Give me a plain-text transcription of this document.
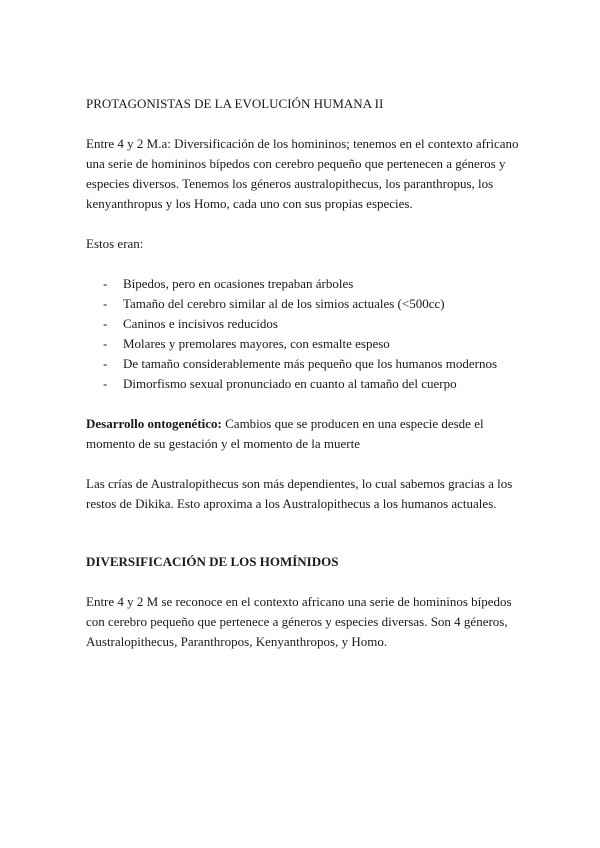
PROTAGONISTAS DE LA EVOLUCIÓN HUMANA II

Entre 4 y 2 M.a: Diversificación de los homininos; tenemos en el contexto africano una serie de homininos bípedos con cerebro pequeño que pertenecen a géneros y especies diversos. Tenemos los géneros australopithecus, los paranthropus, los kenyanthropus y los Homo, cada uno con sus propias especies.

Estos eran:

- Bípedos, pero en ocasiones trepaban árboles
- Tamaño del cerebro similar al de los simios actuales (<500cc)
- Caninos e incisivos reducidos
- Molares y premolares mayores, con esmalte espeso
- De tamaño considerablemente más pequeño que los humanos modernos
- Dimorfismo sexual pronunciado en cuanto al tamaño del cuerpo

Desarrollo ontogenético: Cambios que se producen en una especie desde el momento de su gestación y el momento de la muerte

Las crías de Australopithecus son más dependientes, lo cual sabemos gracias a los restos de Dikika. Esto aproxima a los Australopithecus a los humanos actuales.

DIVERSIFICACIÓN DE LOS HOMÍNIDOS

Entre 4 y 2 M se reconoce en el contexto africano una serie de homininos bípedos con cerebro pequeño que pertenece a géneros y especies diversas. Son 4 géneros, Australopithecus, Paranthropos, Kenyanthropos, y Homo.
